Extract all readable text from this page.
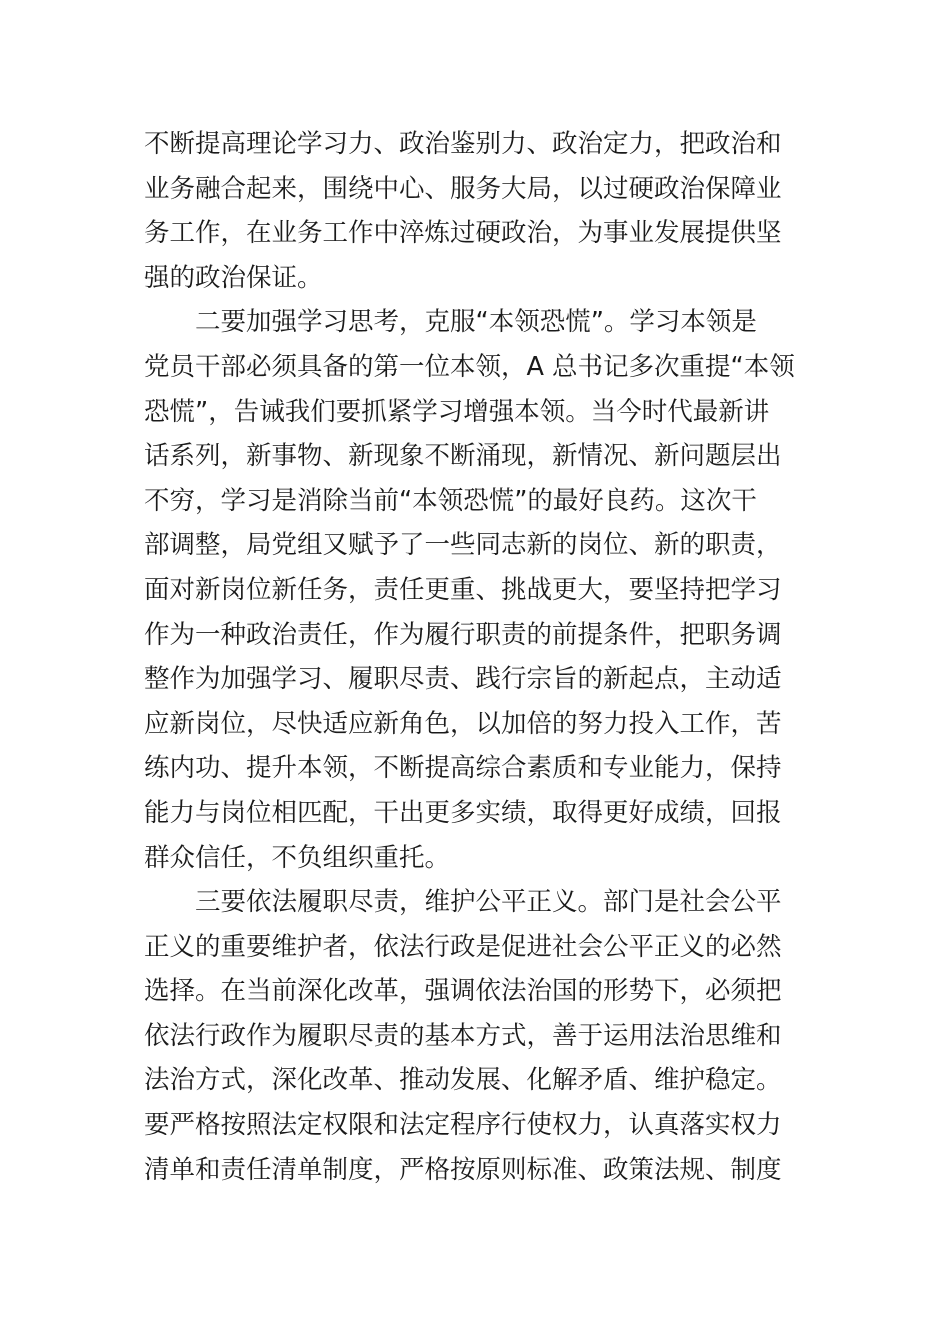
不断提高理论学习力、政治鉴别力、政治定力，把政治和
业务融合起来，围绕中心、服务大局，以过硬政治保障业
务工作，在业务工作中淬炼过硬政治，为事业发展提供坚
强的政治保证。
　　二要加强学习思考，克服“本领恐慌”。学习本领是
党员干部必须具备的第一位本领，A 总书记多次重提“本领
恐慌”，告诫我们要抓紧学习增强本领。当今时代最新讲
话系列，新事物、新现象不断涌现，新情况、新问题层出
不穷，学习是消除当前“本领恐慌”的最好良药。这次干
部调整，局党组又赋予了一些同志新的岗位、新的职责，
面对新岗位新任务，责任更重、挑战更大，要坚持把学习
作为一种政治责任，作为履行职责的前提条件，把职务调
整作为加强学习、履职尽责、践行宗旨的新起点，主动适
应新岗位，尽快适应新角色，以加倍的努力投入工作，苦
练内功、提升本领，不断提高综合素质和专业能力，保持
能力与岗位相匹配，干出更多实绩，取得更好成绩，回报
群众信任，不负组织重托。
　　三要依法履职尽责，维护公平正义。部门是社会公平
正义的重要维护者，依法行政是促进社会公平正义的必然
选择。在当前深化改革，强调依法治国的形势下，必须把
依法行政作为履职尽责的基本方式，善于运用法治思维和
法治方式，深化改革、推动发展、化解矛盾、维护稳定。
要严格按照法定权限和法定程序行使权力，认真落实权力
清单和责任清单制度，严格按原则标准、政策法规、制度
